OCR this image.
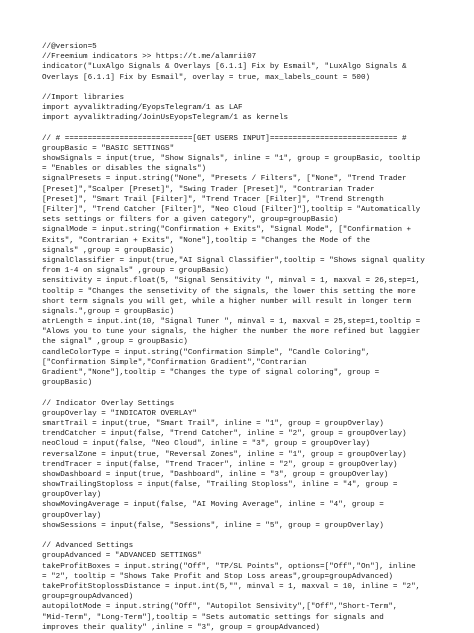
//@version=5
//Freemium indicators >> https://t.me/alamrii07
indicator("LuxAlgo Signals & Overlays [6.1.1] Fix by Esmail", "LuxAlgo Signals &
Overlays [6.1.1] Fix by Esmail", overlay = true, max_labels_count = 500)
//Import libraries
import ayvaliktrading/EyopsTelegram/1 as LAF
import ayvaliktrading/JoinUsEyopsTelegram/1 as kernels
// # ============================[GET USERS INPUT]============================ #
groupBasic = "BASIC SETTINGS"
showSignals = input(true, "Show Signals", inline = "1", group = groupBasic, tooltip
= "Enables or disables the signals")
signalPresets = input.string("None", "Presets / Filters", ["None", "Trend Trader
[Preset]","Scalper [Preset]", "Swing Trader [Preset]", "Contrarian Trader
[Preset]", "Smart Trail [Filter]", "Trend Tracer [Filter]", "Trend Strength
[Filter]", "Trend Catcher [Filter]", "Neo Cloud [Filter]"],tooltip = "Automatically
sets settings or filters for a given category", group=groupBasic)
signalMode = input.string("Confirmation + Exits", "Signal Mode", ["Confirmation +
Exits", "Contrarian + Exits", "None"],tooltip = "Changes the Mode of the
signals" ,group = groupBasic)
signalClassifier = input(true,"AI Signal Classifier",tooltip = "Shows signal quality
from 1-4 on signals" ,group = groupBasic)
sensitivity = input.float(5, "Signal Sensitivity ", minval = 1, maxval = 26,step=1,
tooltip = "Changes the sensetivity of the signals, the lower this setting the more
short term signals you will get, while a higher number will result in longer term
signals.",group = groupBasic)
atrLength = input.int(10, "Signal Tuner ", minval = 1, maxval = 25,step=1,tooltip =
"Alows you to tune your signals, the higher the number the more refined but laggier
the signal" ,group = groupBasic)
candleColorType = input.string("Confirmation Simple", "Candle Coloring",
["Confirmation Simple","Confirmation Gradient","Contrarian
Gradient","None"],tooltip = "Changes the type of signal coloring", group =
groupBasic)
// Indicator Overlay Settings
groupOverlay = "INDICATOR OVERLAY"
smartTrail = input(true, "Smart Trail", inline = "1", group = groupOverlay)
trendCatcher = input(false, "Trend Catcher", inline = "2", group = groupOverlay)
neoCloud = input(false, "Neo Cloud", inline = "3", group = groupOverlay)
reversalZone = input(true, "Reversal Zones", inline = "1", group = groupOverlay)
trendTracer = input(false, "Trend Tracer", inline = "2", group = groupOverlay)
showDashboard = input(true, "Dashboard", inline = "3", group = groupOverlay)
showTrailingStoploss = input(false, "Trailing Stoploss", inline = "4", group =
groupOverlay)
showMovingAverage = input(false, "AI Moving Average", inline = "4", group =
groupOverlay)
showSessions = input(false, "Sessions", inline = "5", group = groupOverlay)
// Advanced Settings
groupAdvanced = "ADVANCED SETTINGS"
takeProfitBoxes = input.string("Off", "TP/SL Points", options=["Off","On"], inline
= "2", tooltip = "Shows Take Profit and Stop Loss areas",group=groupAdvanced)
takeProfitStoplossDistance = input.int(5,"", minval = 1, maxval = 10, inline = "2",
group=groupAdvanced)
autopilotMode = input.string("Off", "Autopilot Sensivity",["Off","Short-Term",
"Mid-Term", "Long-Term"],tooltip = "Sets automatic settings for signals and
improves their quality" ,inline = "3", group = groupAdvanced)
